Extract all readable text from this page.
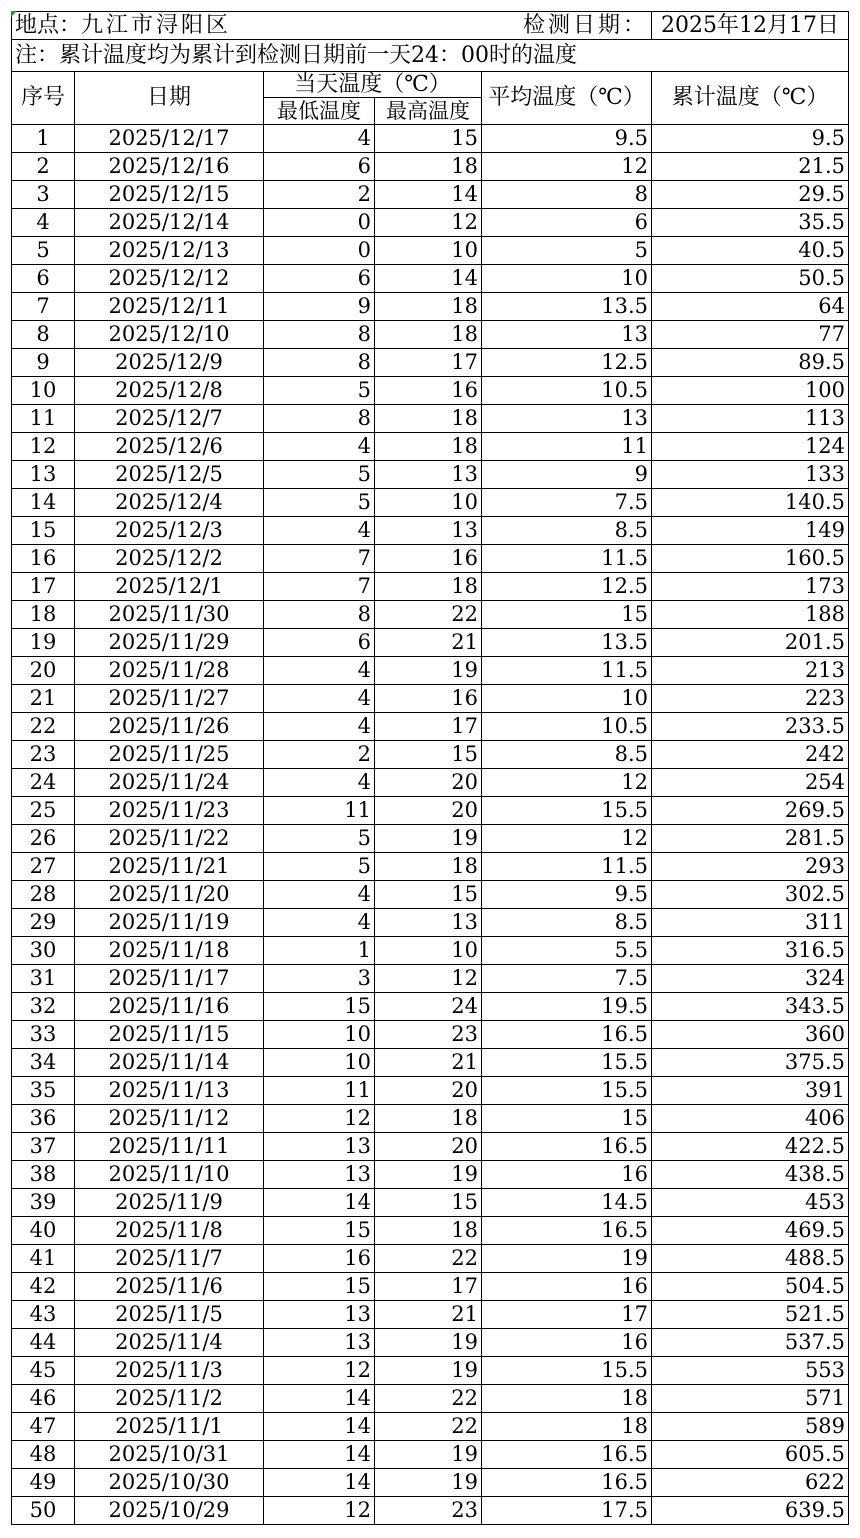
地点：九江市浔阳区			检测日期：		2025年12月17日
注：累计温度均为累计到检测日期前一天24：00时的温度					
序号	日期	当天温度（℃）		平均温度（℃）	累计温度（℃）
		最低温度	最高温度		
1	2025/12/17	4	15	9.5	9.5
2	2025/12/16	6	18	12	21.5
3	2025/12/15	2	14	8	29.5
4	2025/12/14	0	12	6	35.5
5	2025/12/13	0	10	5	40.5
6	2025/12/12	6	14	10	50.5
7	2025/12/11	9	18	13.5	64
8	2025/12/10	8	18	13	77
9	2025/12/9	8	17	12.5	89.5
10	2025/12/8	5	16	10.5	100
11	2025/12/7	8	18	13	113
12	2025/12/6	4	18	11	124
13	2025/12/5	5	13	9	133
14	2025/12/4	5	10	7.5	140.5
15	2025/12/3	4	13	8.5	149
16	2025/12/2	7	16	11.5	160.5
17	2025/12/1	7	18	12.5	173
18	2025/11/30	8	22	15	188
19	2025/11/29	6	21	13.5	201.5
20	2025/11/28	4	19	11.5	213
21	2025/11/27	4	16	10	223
22	2025/11/26	4	17	10.5	233.5
23	2025/11/25	2	15	8.5	242
24	2025/11/24	4	20	12	254
25	2025/11/23	11	20	15.5	269.5
26	2025/11/22	5	19	12	281.5
27	2025/11/21	5	18	11.5	293
28	2025/11/20	4	15	9.5	302.5
29	2025/11/19	4	13	8.5	311
30	2025/11/18	1	10	5.5	316.5
31	2025/11/17	3	12	7.5	324
32	2025/11/16	15	24	19.5	343.5
33	2025/11/15	10	23	16.5	360
34	2025/11/14	10	21	15.5	375.5
35	2025/11/13	11	20	15.5	391
36	2025/11/12	12	18	15	406
37	2025/11/11	13	20	16.5	422.5
38	2025/11/10	13	19	16	438.5
39	2025/11/9	14	15	14.5	453
40	2025/11/8	15	18	16.5	469.5
41	2025/11/7	16	22	19	488.5
42	2025/11/6	15	17	16	504.5
43	2025/11/5	13	21	17	521.5
44	2025/11/4	13	19	16	537.5
45	2025/11/3	12	19	15.5	553
46	2025/11/2	14	22	18	571
47	2025/11/1	14	22	18	589
48	2025/10/31	14	19	16.5	605.5
49	2025/10/30	14	19	16.5	622
50	2025/10/29	12	23	17.5	639.5
